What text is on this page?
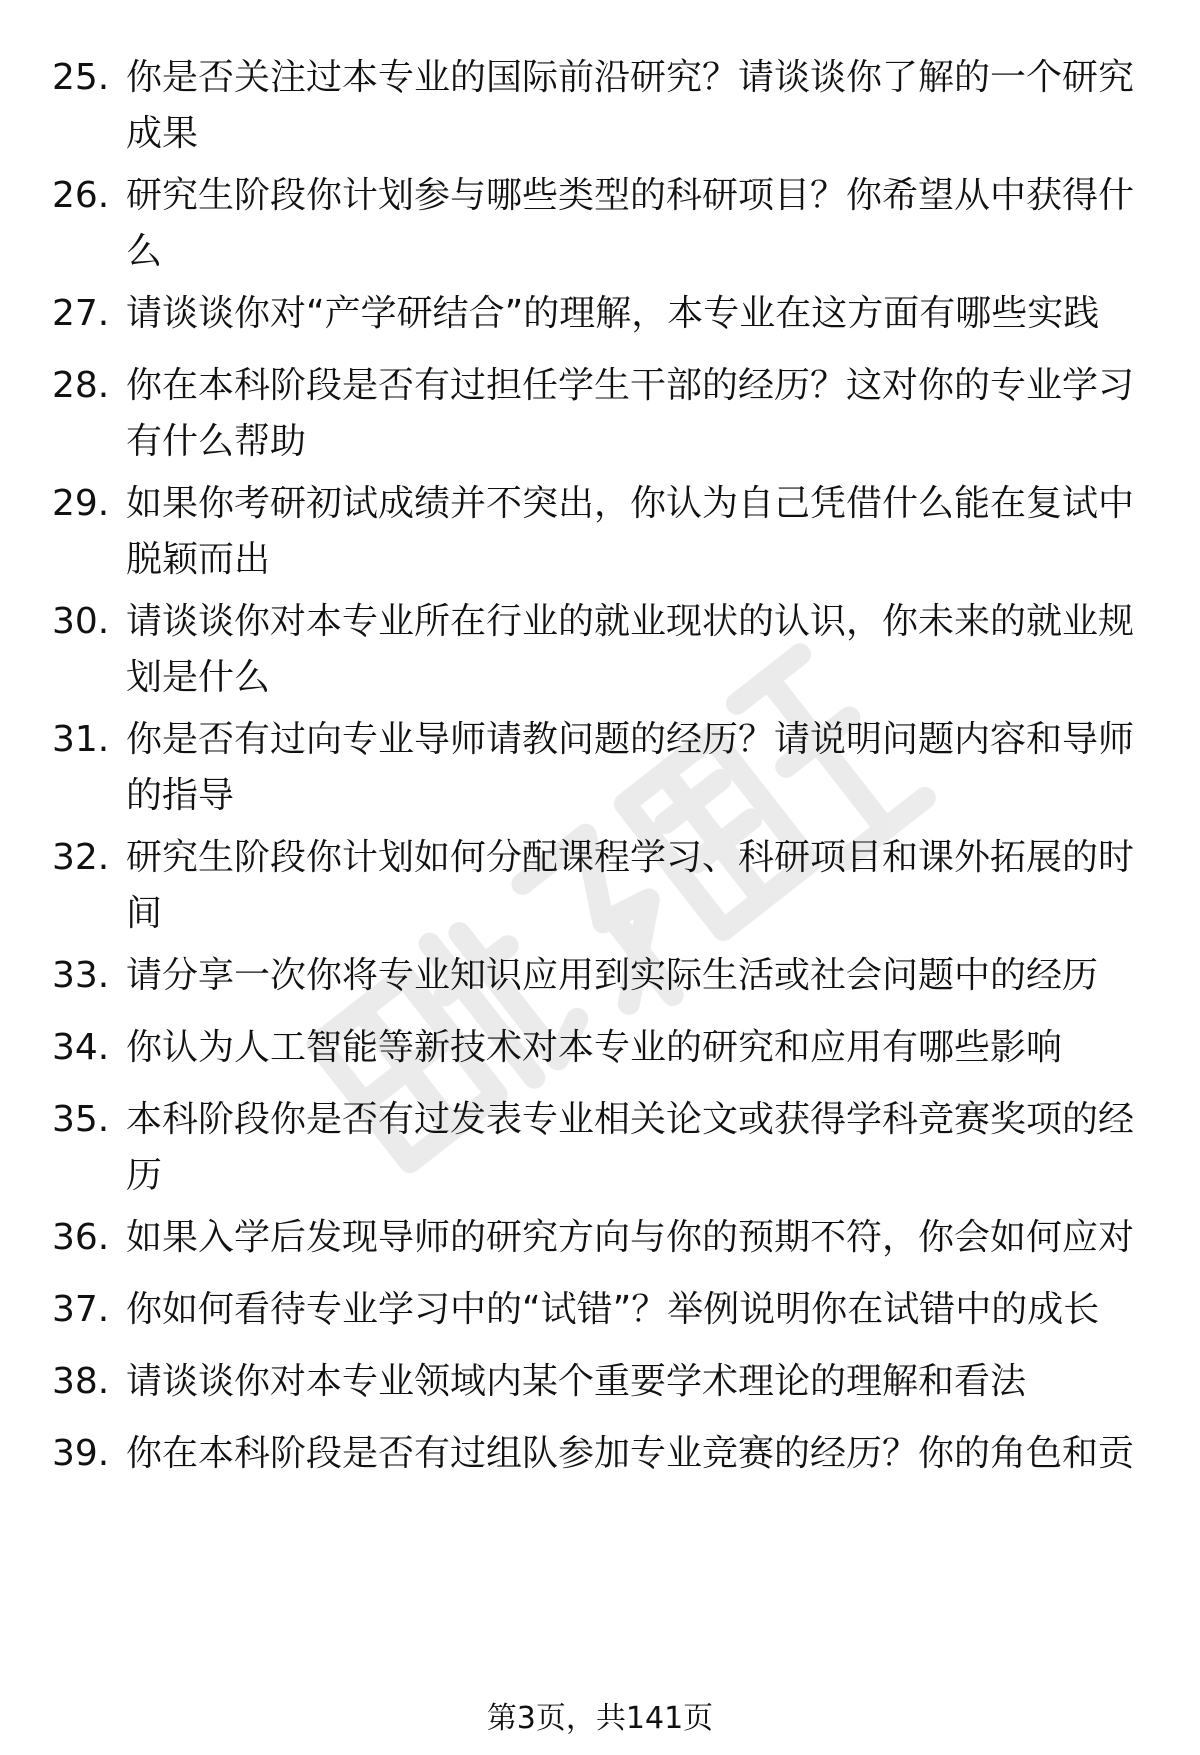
25. 你是否关注过本专业的国际前沿研究？请谈谈你了解的一个研究
成果
26. 研究生阶段你计划参与哪些类型的科研项目？你希望从中获得什
么
27. 请谈谈你对“产学研结合”的理解，本专业在这方面有哪些实践
28. 你在本科阶段是否有过担任学生干部的经历？这对你的专业学习
有什么帮助
29. 如果你考研初试成绩并不突出，你认为自己凭借什么能在复试中
脱颖而出
30. 请谈谈你对本专业所在行业的就业现状的认识，你未来的就业规
划是什么
31. 你是否有过向专业导师请教问题的经历？请说明问题内容和导师
的指导
32. 研究生阶段你计划如何分配课程学习、科研项目和课外拓展的时
间
33. 请分享一次你将专业知识应用到实际生活或社会问题中的经历
34. 你认为人工智能等新技术对本专业的研究和应用有哪些影响
35. 本科阶段你是否有过发表专业相关论文或获得学科竞赛奖项的经
历
36. 如果入学后发现导师的研究方向与你的预期不符，你会如何应对
37. 你如何看待专业学习中的“试错”？举例说明你在试错中的成长
38. 请谈谈你对本专业领域内某个重要学术理论的理解和看法
39. 你在本科阶段是否有过组队参加专业竞赛的经历？你的角色和贡
第3页，共141页
